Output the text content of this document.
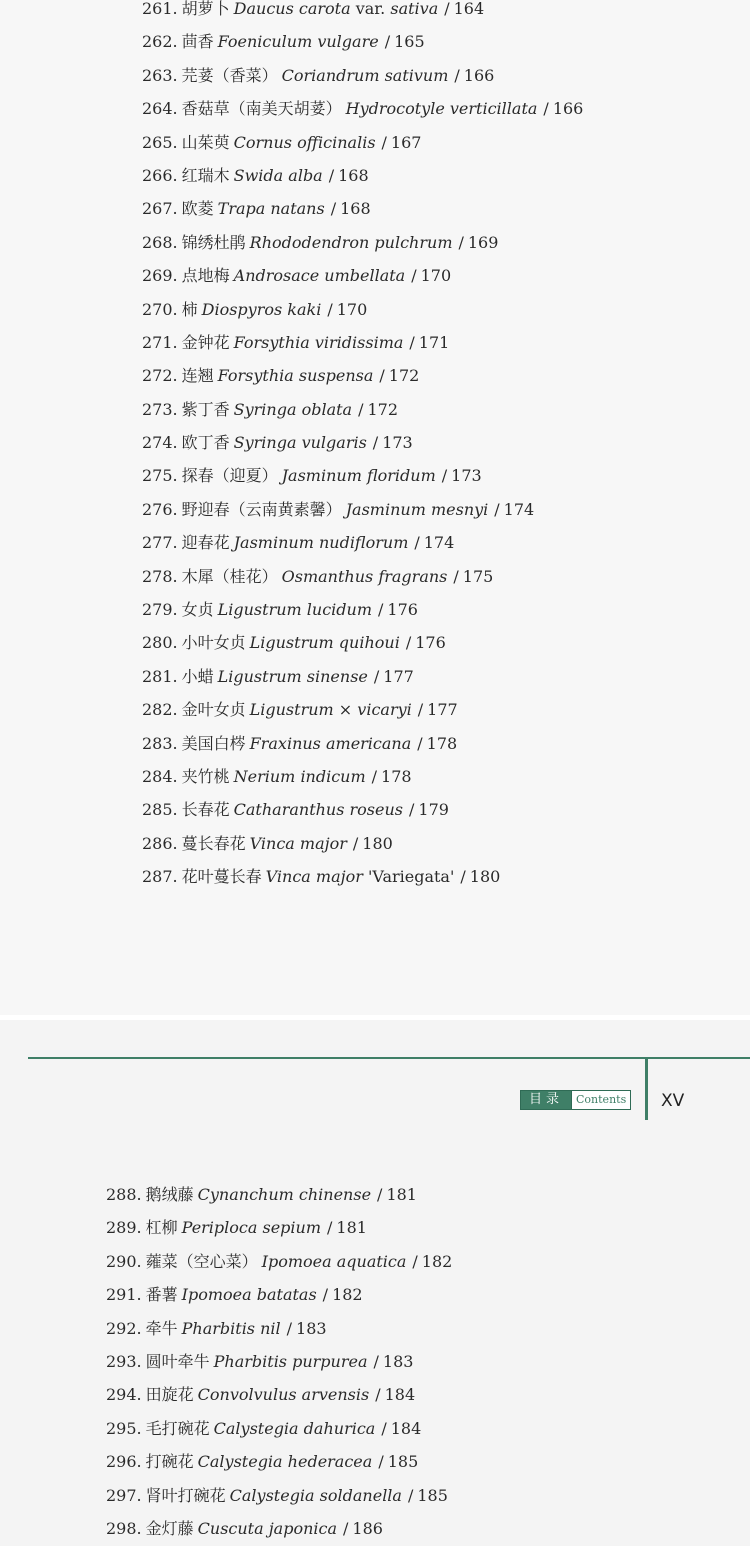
261. 胡萝卜 Daucus carota var. sativa / 164
262. 茴香 Foeniculum vulgare / 165
263. 芫荽（香菜） Coriandrum sativum / 166
264. 香菇草（南美天胡荽） Hydrocotyle verticillata / 166
265. 山茱萸 Cornus officinalis / 167
266. 红瑞木 Swida alba / 168
267. 欧菱 Trapa natans / 168
268. 锦绣杜鹃 Rhododendron pulchrum / 169
269. 点地梅 Androsace umbellata / 170
270. 柿 Diospyros kaki / 170
271. 金钟花 Forsythia viridissima / 171
272. 连翘 Forsythia suspensa / 172
273. 紫丁香 Syringa oblata / 172
274. 欧丁香 Syringa vulgaris / 173
275. 探春（迎夏） Jasminum floridum / 173
276. 野迎春（云南黄素馨） Jasminum mesnyi / 174
277. 迎春花 Jasminum nudiflorum / 174
278. 木犀（桂花） Osmanthus fragrans / 175
279. 女贞 Ligustrum lucidum / 176
280. 小叶女贞 Ligustrum quihoui / 176
281. 小蜡 Ligustrum sinense / 177
282. 金叶女贞 Ligustrum × vicaryi / 177
283. 美国白梣 Fraxinus americana / 178
284. 夹竹桃 Nerium indicum / 178
285. 长春花 Catharanthus roseus / 179
286. 蔓长春花 Vinca major / 180
287. 花叶蔓长春 Vinca major 'Variegata' / 180
目录	Contents XV
288. 鹅绒藤 Cynanchum chinense / 181
289. 杠柳 Periploca sepium / 181
290. 蕹菜（空心菜） Ipomoea aquatica / 182
291. 番薯 Ipomoea batatas / 182
292. 牵牛 Pharbitis nil / 183
293. 圆叶牵牛 Pharbitis purpurea / 183
294. 田旋花 Convolvulus arvensis / 184
295. 毛打碗花 Calystegia dahurica / 184
296. 打碗花 Calystegia hederacea / 185
297. 肾叶打碗花 Calystegia soldanella / 185
298. 金灯藤 Cuscuta japonica / 186
